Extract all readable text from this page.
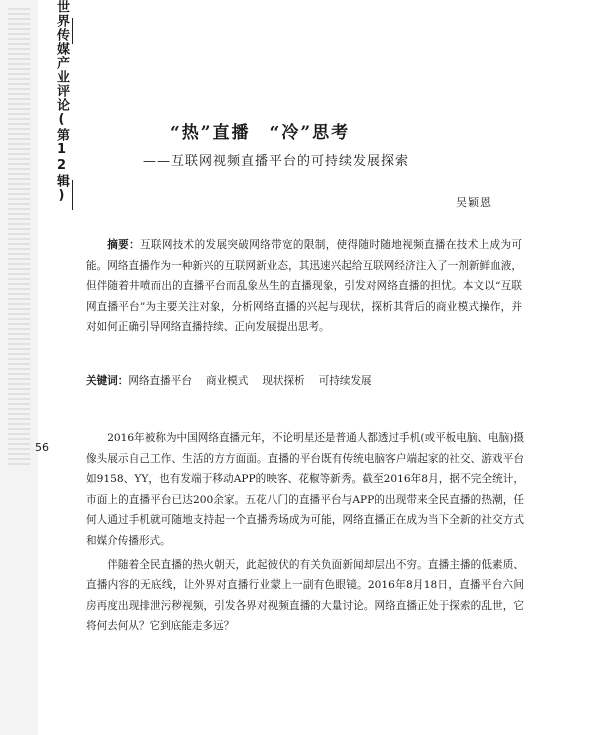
世界传媒产业评论(第12辑)
56
“热”直播　“冷”思考
——互联网视频直播平台的可持续发展探索
吴颖恩
摘要：互联网技术的发展突破网络带宽的限制，使得随时随地视频直播在技术上成为可能。网络直播作为一种新兴的互联网新业态，其迅速兴起给互联网经济注入了一剂新鲜血液，但伴随着井喷而出的直播平台而乱象丛生的直播现象，引发对网络直播的担忧。本文以“互联网直播平台”为主要关注对象，分析网络直播的兴起与现状，探析其背后的商业模式操作，并对如何正确引导网络直播持续、正向发展提出思考。
关键词：网络直播平台 商业模式 现状探析 可持续发展

2016年被称为中国网络直播元年，不论明星还是普通人都透过手机(或平板电脑、电脑)摄像头展示自己工作、生活的方方面面。直播的平台既有传统电脑客户端起家的社交、游戏平台如9158、YY，也有发端于移动APP的映客、花椒等新秀。截至2016年8月，据不完全统计，市面上的直播平台已达200余家。五花八门的直播平台与APP的出现带来全民直播的热潮，任何人通过手机就可随地支持起一个直播秀场成为可能，网络直播正在成为当下全新的社交方式和媒介传播形式。

伴随着全民直播的热火朝天，此起彼伏的有关负面新闻却层出不穷。直播主播的低素质、直播内容的无底线，让外界对直播行业蒙上一副有色眼镜。2016年8月18日，直播平台六间房再度出现排泄污秽视频，引发各界对视频直播的大量讨论。网络直播正处于探索的乱世，它将何去何从？它到底能走多远？
